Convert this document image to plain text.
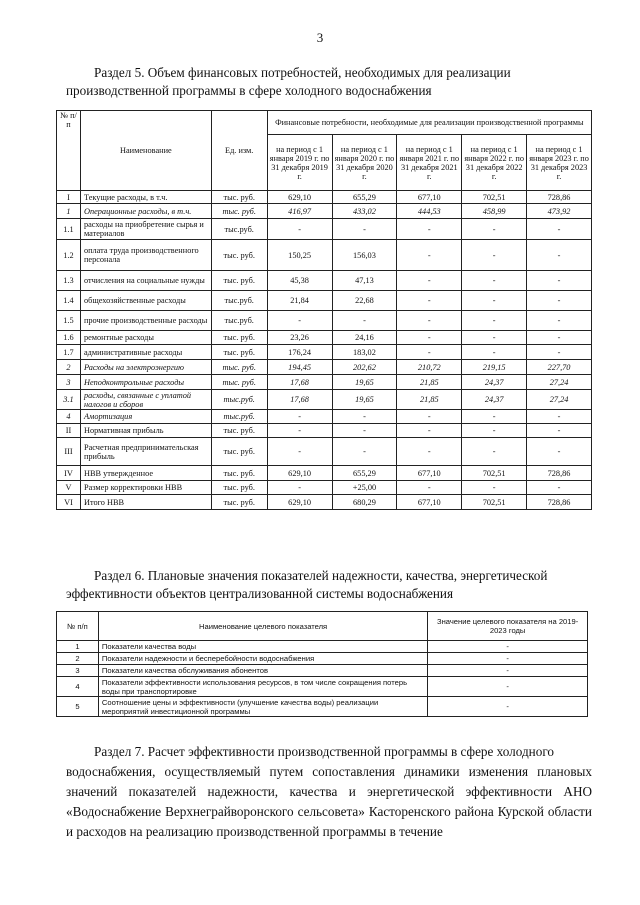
3
Раздел 5. Объем финансовых потребностей, необходимых для реализации
производственной программы в сфере холодного водоснабжения
№ п/п	Наименование	Ед. изм.	Финансовые потребности, необходимые для реализации производственной программы				
			на период с 1 января 2019 г. по 31 декабря 2019 г.	на период с 1 января 2020 г. по 31 декабря 2020 г.	на период с 1 января 2021 г. по 31 декабря 2021 г.	на период с 1 января 2022 г. по 31 декабря 2022 г.	на период с 1 января 2023 г. по 31 декабря 2023 г.
I	Текущие расходы, в т.ч.	тыс. руб.	629,10	655,29	677,10	702,51	728,86
1	Операционные расходы, в т.ч.	тыс. руб.	416,97	433,02	444,53	458,99	473,92
1.1	расходы на приобретение сырья и материалов	тыс.руб.	-	-	-	-	-
1.2	оплата труда производственного персонала	тыс. руб.	150,25	156,03	-	-	-
1.3	отчисления на социальные нужды	тыс. руб.	45,38	47,13	-	-	-
1.4	общехозяйственные расходы	тыс.руб.	21,84	22,68	-	-	-
1.5	прочие производственные расходы	тыс.руб.	-	-	-	-	-
1.6	ремонтные расходы	тыс. руб.	23,26	24,16	-	-	-
1.7	административные расходы	тыс. руб.	176,24	183,02	-	-	-
2	Расходы на электроэнергию	тыс. руб.	194,45	202,62	210,72	219,15	227,70
3	Неподконтрольные расходы	тыс. руб.	17,68	19,65	21,85	24,37	27,24
3.1	расходы, связанные с уплатой налогов и сборов	тыс.руб.	17,68	19,65	21,85	24,37	27,24
4	Амортизация	тыс.руб.	-	-	-	-	-
II	Нормативная прибыль	тыс. руб.	-	-	-	-	-
III	Расчетная предпринимательская прибыль	тыс. руб.	-	-	-	-	-
IV	НВВ утвержденное	тыс. руб.	629,10	655,29	677,10	702,51	728,86
V	Размер корректировки НВВ	тыс. руб.	-	+25,00	-	-	-
VI	Итого НВВ	тыс. руб.	629,10	680,29	677,10	702,51	728,86
Раздел 6. Плановые значения показателей надежности, качества, энергетической
эффективности объектов централизованной системы водоснабжения
№ п/п	Наименование целевого показателя	Значение целевого показателя на 2019-2023 годы
1	Показатели качества воды	-
2	Показатели надежности и бесперебойности водоснабжения	-
3	Показатели качества обслуживания абонентов	-
4	Показатели эффективности использования ресурсов, в том числе сокращения потерь воды при транспортировке	-
5	Соотношение цены и эффективности (улучшение качества воды) реализации мероприятий инвестиционной программы	-
Раздел 7. Расчет эффективности производственной программы в сфере холодного
водоснабжения, осуществляемый путем сопоставления динамики изменения плановых значений показателей надежности, качества и энергетической эффективности АНО «Водоснабжение Верхнеграйворонского сельсовета» Касторенского района Курской области и расходов на реализацию производственной программы в течение
